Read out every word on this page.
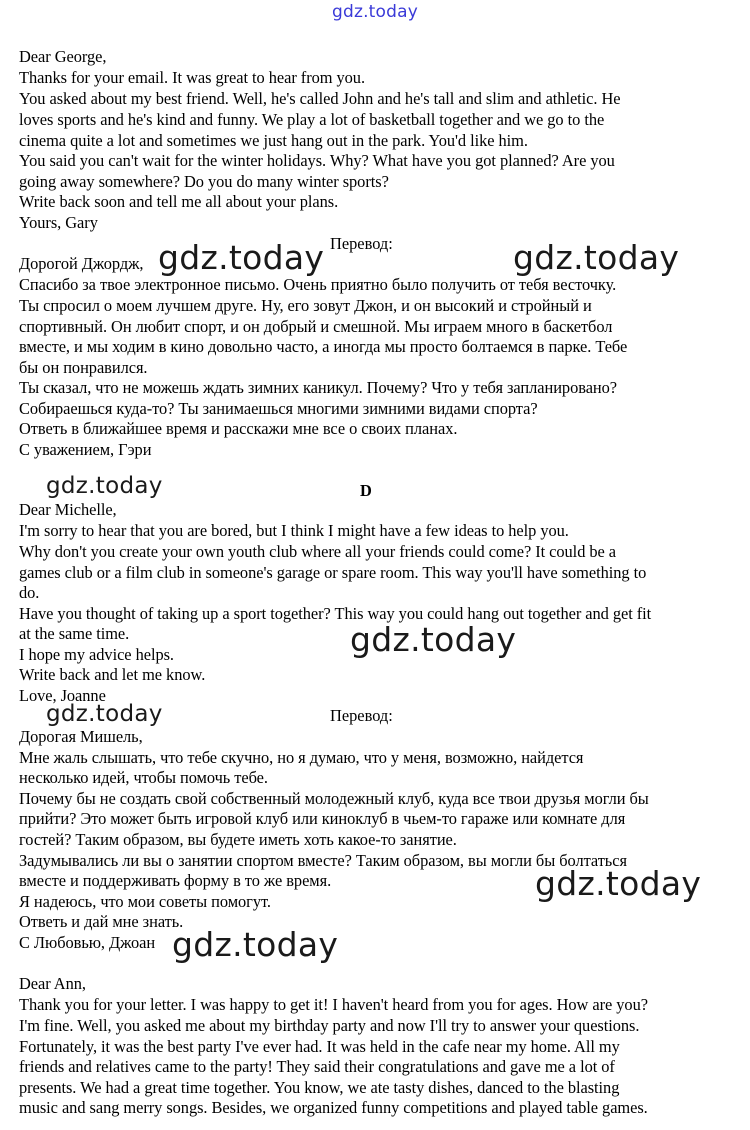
gdz.today
Dear George,
Thanks for your email. It was great to hear from you.
You asked about my best friend. Well, he's called John and he's tall and slim and athletic. He
loves sports and he's kind and funny. We play a lot of basketball together and we go to the
cinema quite a lot and sometimes we just hang out in the park. You'd like him.
You said you can't wait for the winter holidays. Why? What have you got planned? Are you
going away somewhere? Do you do many winter sports?
Write back soon and tell me all about your plans.
Yours, Gary
Перевод:
Дорогой Джордж,
Спасибо за твое электронное письмо. Очень приятно было получить от тебя весточку.
Ты спросил о моем лучшем друге. Ну, его зовут Джон, и он высокий и стройный и
спортивный. Он любит спорт, и он добрый и смешной. Мы играем много в баскетбол
вместе, и мы ходим в кино довольно часто, а иногда мы просто болтаемся в парке. Тебе
бы он понравился.
Ты сказал, что не можешь ждать зимних каникул. Почему? Что у тебя запланировано?
Собираешься куда-то? Ты занимаешься многими зимними видами спорта?
Ответь в ближайшее время и расскажи мне все о своих планах.
С уважением, Гэри
D
Dear Michelle,
I'm sorry to hear that you are bored, but I think I might have a few ideas to help you.
Why don't you create your own youth club where all your friends could come? It could be a
games club or a film club in someone's garage or spare room. This way you'll have something to
do.
Have you thought of taking up a sport together? This way you could hang out together and get fit
at the same time.
I hope my advice helps.
Write back and let me know.
Love, Joanne
Перевод:
Дорогая Мишель,
Мне жаль слышать, что тебе скучно, но я думаю, что у меня, возможно, найдется
несколько идей, чтобы помочь тебе.
Почему бы не создать свой собственный молодежный клуб, куда все твои друзья могли бы
прийти? Это может быть игровой клуб или киноклуб в чьем-то гараже или комнате для
гостей? Таким образом, вы будете иметь хоть какое-то занятие.
Задумывались ли вы о занятии спортом вместе? Таким образом, вы могли бы болтаться
вместе и поддерживать форму в то же время.
Я надеюсь, что мои советы помогут.
Ответь и дай мне знать.
С Любовью, Джоан
Dear Ann,
Thank you for your letter. I was happy to get it! I haven't heard from you for ages. How are you?
I'm fine. Well, you asked me about my birthday party and now I'll try to answer your questions.
Fortunately, it was the best party I've ever had. It was held in the cafe near my home. All my
friends and relatives came to the party! They said their congratulations and gave me a lot of
presents. We had a great time together. You know, we ate tasty dishes, danced to the blasting
music and sang merry songs. Besides, we organized funny competitions and played table games.
gdz.today	gdz.today
gdz.today
gdz.today
gdz.today
gdz.today
gdz.today
